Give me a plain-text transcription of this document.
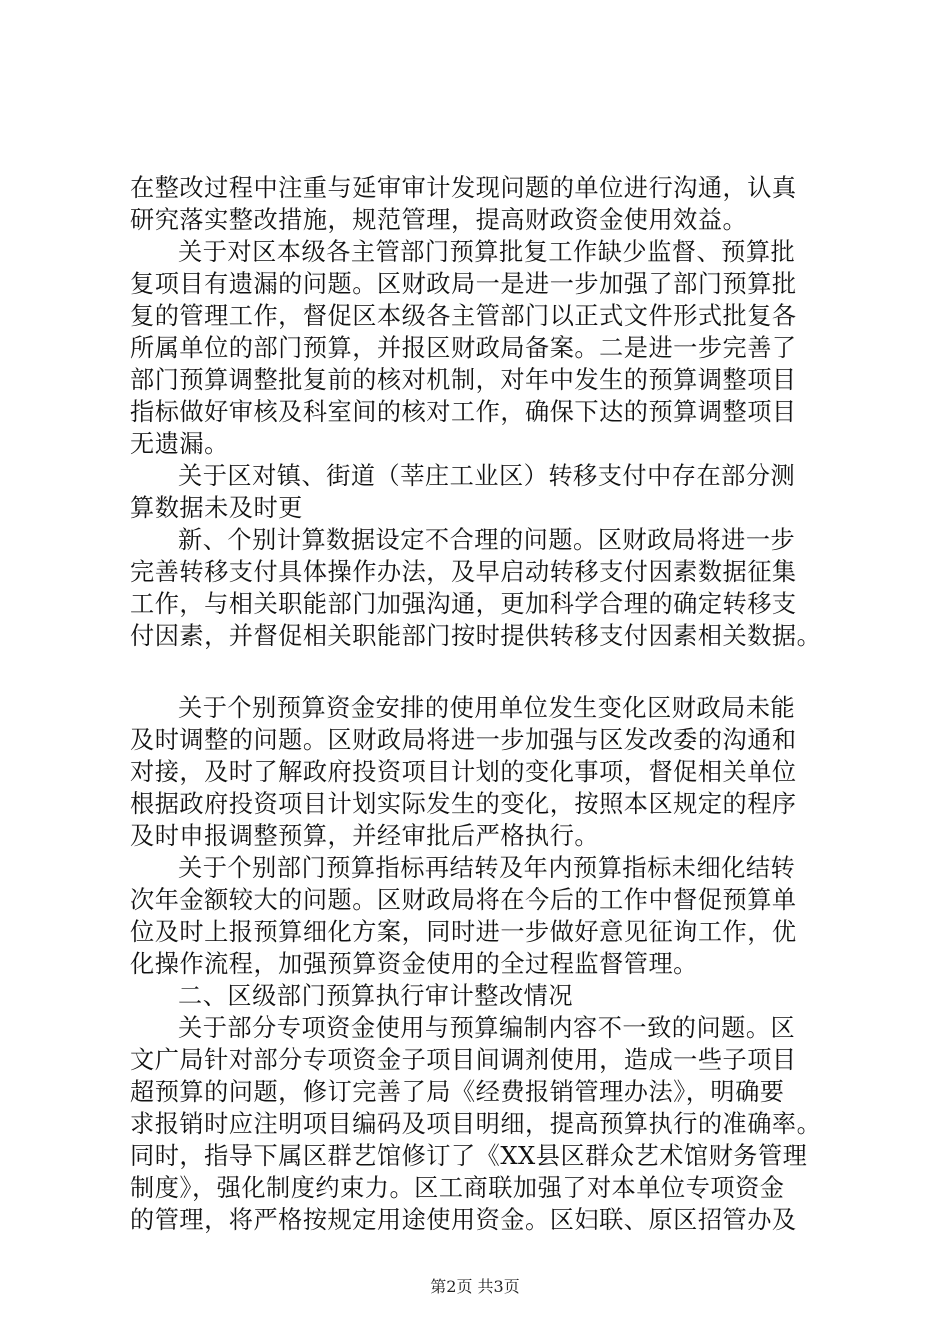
在整改过程中注重与延审审计发现问题的单位进行沟通，认真
研究落实整改措施，规范管理，提高财政资金使用效益。
关于对区本级各主管部门预算批复工作缺少监督、预算批
复项目有遗漏的问题。区财政局一是进一步加强了部门预算批
复的管理工作，督促区本级各主管部门以正式文件形式批复各
所属单位的部门预算，并报区财政局备案。二是进一步完善了
部门预算调整批复前的核对机制，对年中发生的预算调整项目
指标做好审核及科室间的核对工作，确保下达的预算调整项目
无遗漏。
关于区对镇、街道（莘庄工业区）转移支付中存在部分测
算数据未及时更
新、个别计算数据设定不合理的问题。区财政局将进一步
完善转移支付具体操作办法，及早启动转移支付因素数据征集
工作，与相关职能部门加强沟通，更加科学合理的确定转移支
付因素，并督促相关职能部门按时提供转移支付因素相关数据。
关于个别预算资金安排的使用单位发生变化区财政局未能
及时调整的问题。区财政局将进一步加强与区发改委的沟通和
对接，及时了解政府投资项目计划的变化事项，督促相关单位
根据政府投资项目计划实际发生的变化，按照本区规定的程序
及时申报调整预算，并经审批后严格执行。
关于个别部门预算指标再结转及年内预算指标未细化结转
次年金额较大的问题。区财政局将在今后的工作中督促预算单
位及时上报预算细化方案，同时进一步做好意见征询工作，优
化操作流程，加强预算资金使用的全过程监督管理。
二、区级部门预算执行审计整改情况
关于部分专项资金使用与预算编制内容不一致的问题。区
文广局针对部分专项资金子项目间调剂使用，造成一些子项目
超预算的问题，修订完善了局《经费报销管理办法》，明确要
求报销时应注明项目编码及项目明细，提高预算执行的准确率。
同时，指导下属区群艺馆修订了《XX县区群众艺术馆财务管理
制度》，强化制度约束力。区工商联加强了对本单位专项资金
的管理，将严格按规定用途使用资金。区妇联、原区招管办及
第2页 共3页
